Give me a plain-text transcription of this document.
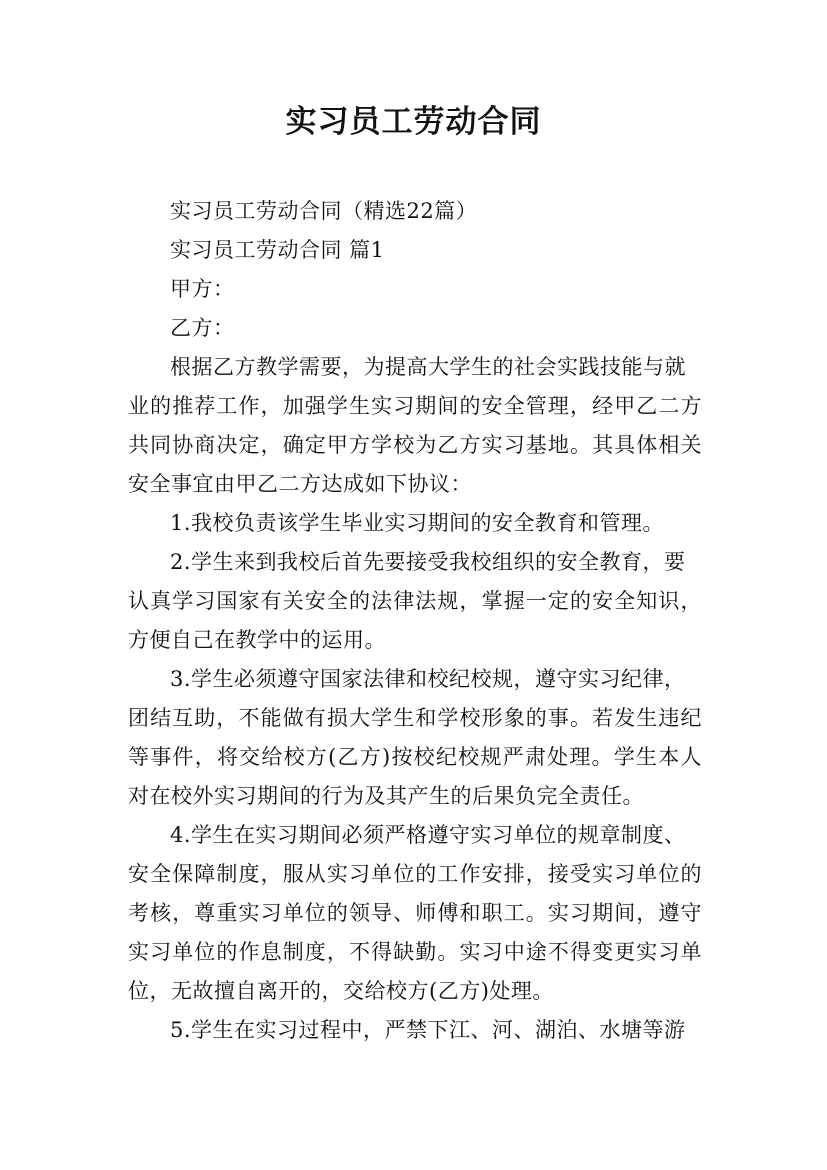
实习员工劳动合同
实习员工劳动合同（精选22篇）
实习员工劳动合同 篇1
甲方：
乙方：
根据乙方教学需要，为提高大学生的社会实践技能与就
业的推荐工作，加强学生实习期间的安全管理，经甲乙二方
共同协商决定，确定甲方学校为乙方实习基地。其具体相关
安全事宜由甲乙二方达成如下协议：
1.我校负责该学生毕业实习期间的安全教育和管理。
2.学生来到我校后首先要接受我校组织的安全教育，要
认真学习国家有关安全的法律法规，掌握一定的安全知识，
方便自己在教学中的运用。
3.学生必须遵守国家法律和校纪校规，遵守实习纪律，
团结互助，不能做有损大学生和学校形象的事。若发生违纪
等事件，将交给校方(乙方)按校纪校规严肃处理。学生本人
对在校外实习期间的行为及其产生的后果负完全责任。
4.学生在实习期间必须严格遵守实习单位的规章制度、
安全保障制度，服从实习单位的工作安排，接受实习单位的
考核，尊重实习单位的领导、师傅和职工。实习期间，遵守
实习单位的作息制度，不得缺勤。实习中途不得变更实习单
位，无故擅自离开的，交给校方(乙方)处理。
5.学生在实习过程中，严禁下江、河、湖泊、水塘等游
